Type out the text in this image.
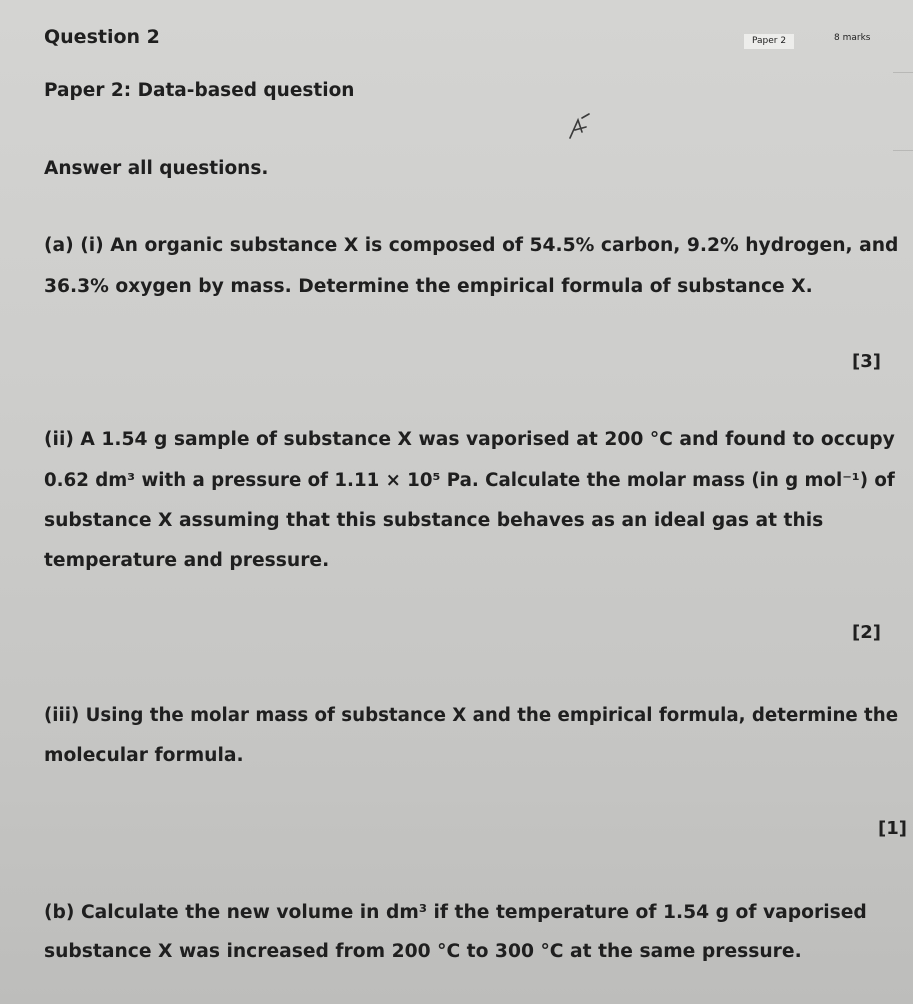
Question 2	Paper 2	8 marks
Paper 2: Data-based question
Answer all questions.
(a) (i) An organic substance X is composed of 54.5% carbon, 9.2% hydrogen, and
36.3% oxygen by mass. Determine the empirical formula of substance X.
[3]
(ii) A 1.54 g sample of substance X was vaporised at 200 °C and found to occupy
0.62 dm³ with a pressure of 1.11 × 10⁵ Pa. Calculate the molar mass (in g mol⁻¹) of
substance X assuming that this substance behaves as an ideal gas at this
temperature and pressure.
[2]
(iii) Using the molar mass of substance X and the empirical formula, determine the
molecular formula.
[1]
(b) Calculate the new volume in dm³ if the temperature of 1.54 g of vaporised
substance X was increased from 200 °C to 300 °C at the same pressure.
